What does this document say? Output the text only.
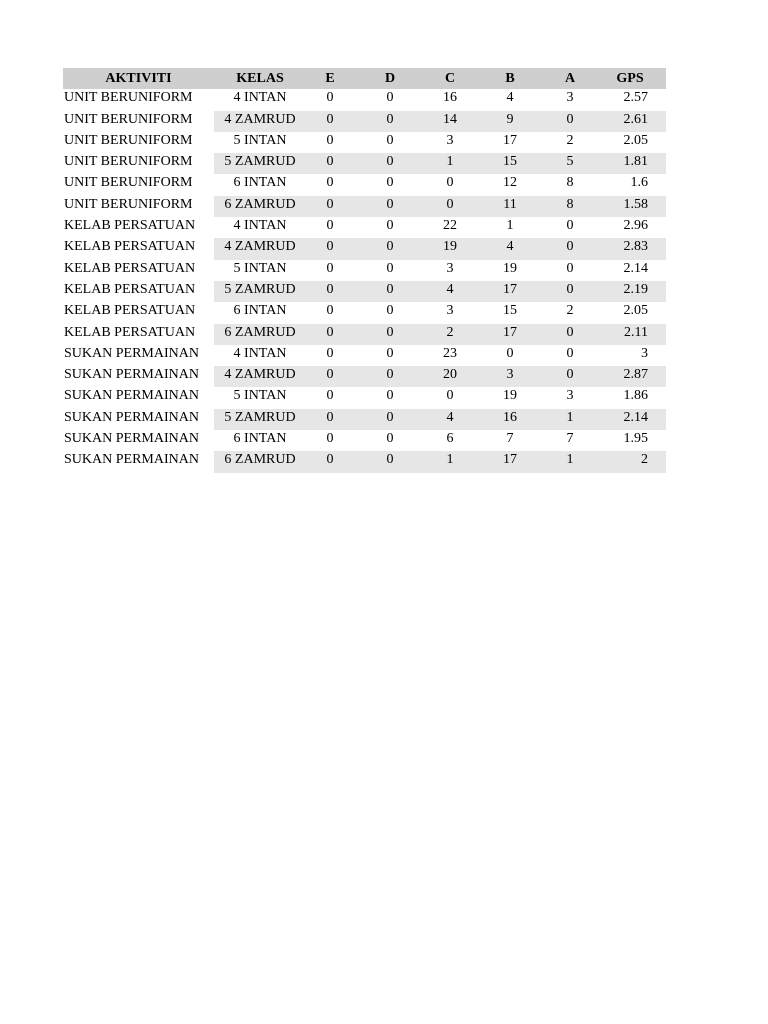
AKTIVITI	KELAS	E	D	C	B	A	GPS
UNIT BERUNIFORM	4 INTAN	0	0	16	4	3	2.57
UNIT BERUNIFORM	4 ZAMRUD	0	0	14	9	0	2.61
UNIT BERUNIFORM	5 INTAN	0	0	3	17	2	2.05
UNIT BERUNIFORM	5 ZAMRUD	0	0	1	15	5	1.81
UNIT BERUNIFORM	6 INTAN	0	0	0	12	8	1.6
UNIT BERUNIFORM	6 ZAMRUD	0	0	0	11	8	1.58
KELAB PERSATUAN	4 INTAN	0	0	22	1	0	2.96
KELAB PERSATUAN	4 ZAMRUD	0	0	19	4	0	2.83
KELAB PERSATUAN	5 INTAN	0	0	3	19	0	2.14
KELAB PERSATUAN	5 ZAMRUD	0	0	4	17	0	2.19
KELAB PERSATUAN	6 INTAN	0	0	3	15	2	2.05
KELAB PERSATUAN	6 ZAMRUD	0	0	2	17	0	2.11
SUKAN PERMAINAN	4 INTAN	0	0	23	0	0	3
SUKAN PERMAINAN	4 ZAMRUD	0	0	20	3	0	2.87
SUKAN PERMAINAN	5 INTAN	0	0	0	19	3	1.86
SUKAN PERMAINAN	5 ZAMRUD	0	0	4	16	1	2.14
SUKAN PERMAINAN	6 INTAN	0	0	6	7	7	1.95
SUKAN PERMAINAN	6 ZAMRUD	0	0	1	17	1	2
